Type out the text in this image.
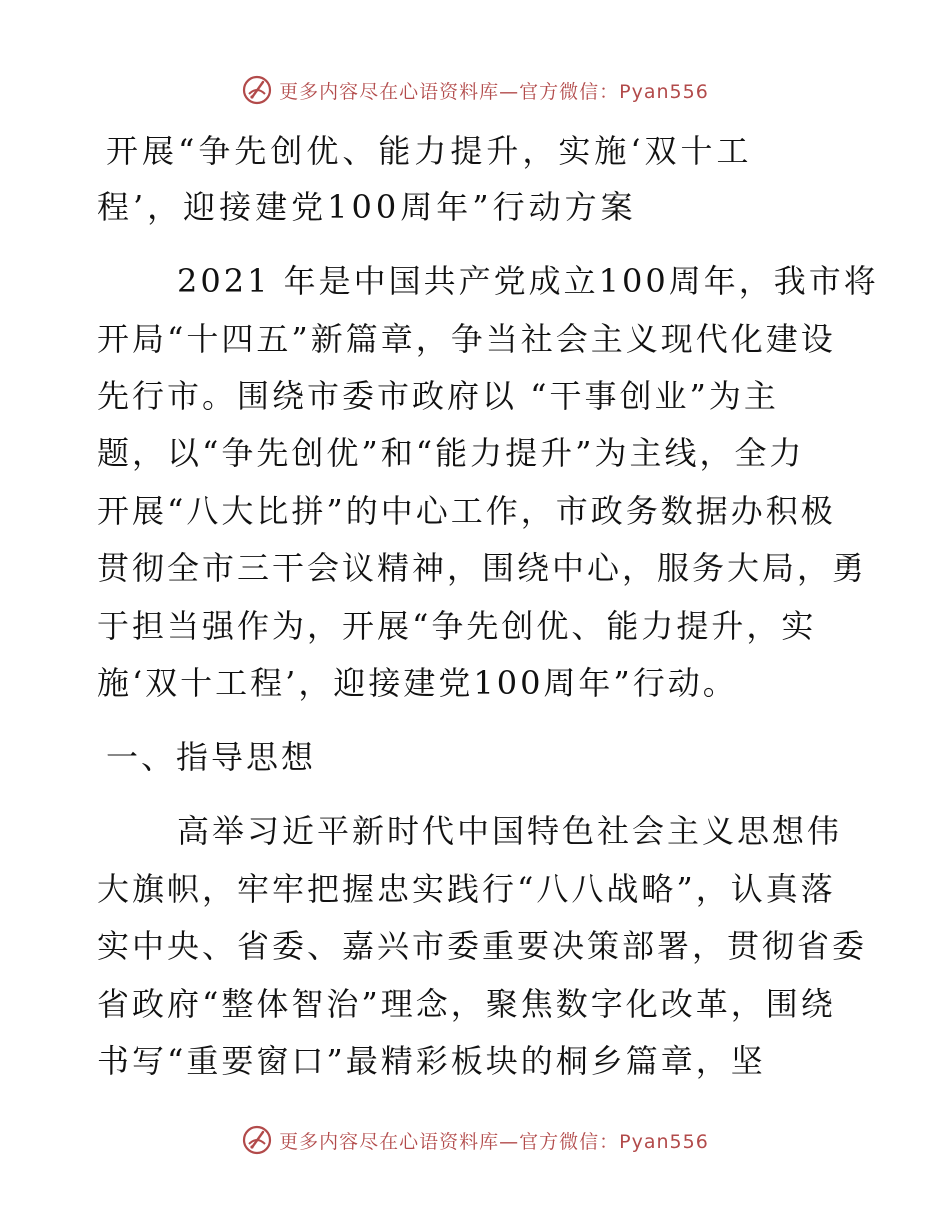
更多内容尽在心语资料库—官方微信：Pyan556
开展“争先创优、能力提升，实施‘双十工
程’，迎接建党100周年”行动方案
2021 年是中国共产党成立100周年，我市将
开局“十四五”新篇章，争当社会主义现代化建设
先行市。围绕市委市政府以 “干事创业”为主
题，以“争先创优”和“能力提升”为主线，全力
开展“八大比拼”的中心工作，市政务数据办积极
贯彻全市三干会议精神，围绕中心，服务大局，勇
于担当强作为，开展“争先创优、能力提升，实
施‘双十工程’，迎接建党100周年”行动。
一、指导思想
高举习近平新时代中国特色社会主义思想伟
大旗帜，牢牢把握忠实践行“八八战略”，认真落
实中央、省委、嘉兴市委重要决策部署，贯彻省委
省政府“整体智治”理念，聚焦数字化改革，围绕
书写“重要窗口”最精彩板块的桐乡篇章，坚
更多内容尽在心语资料库—官方微信：Pyan556
